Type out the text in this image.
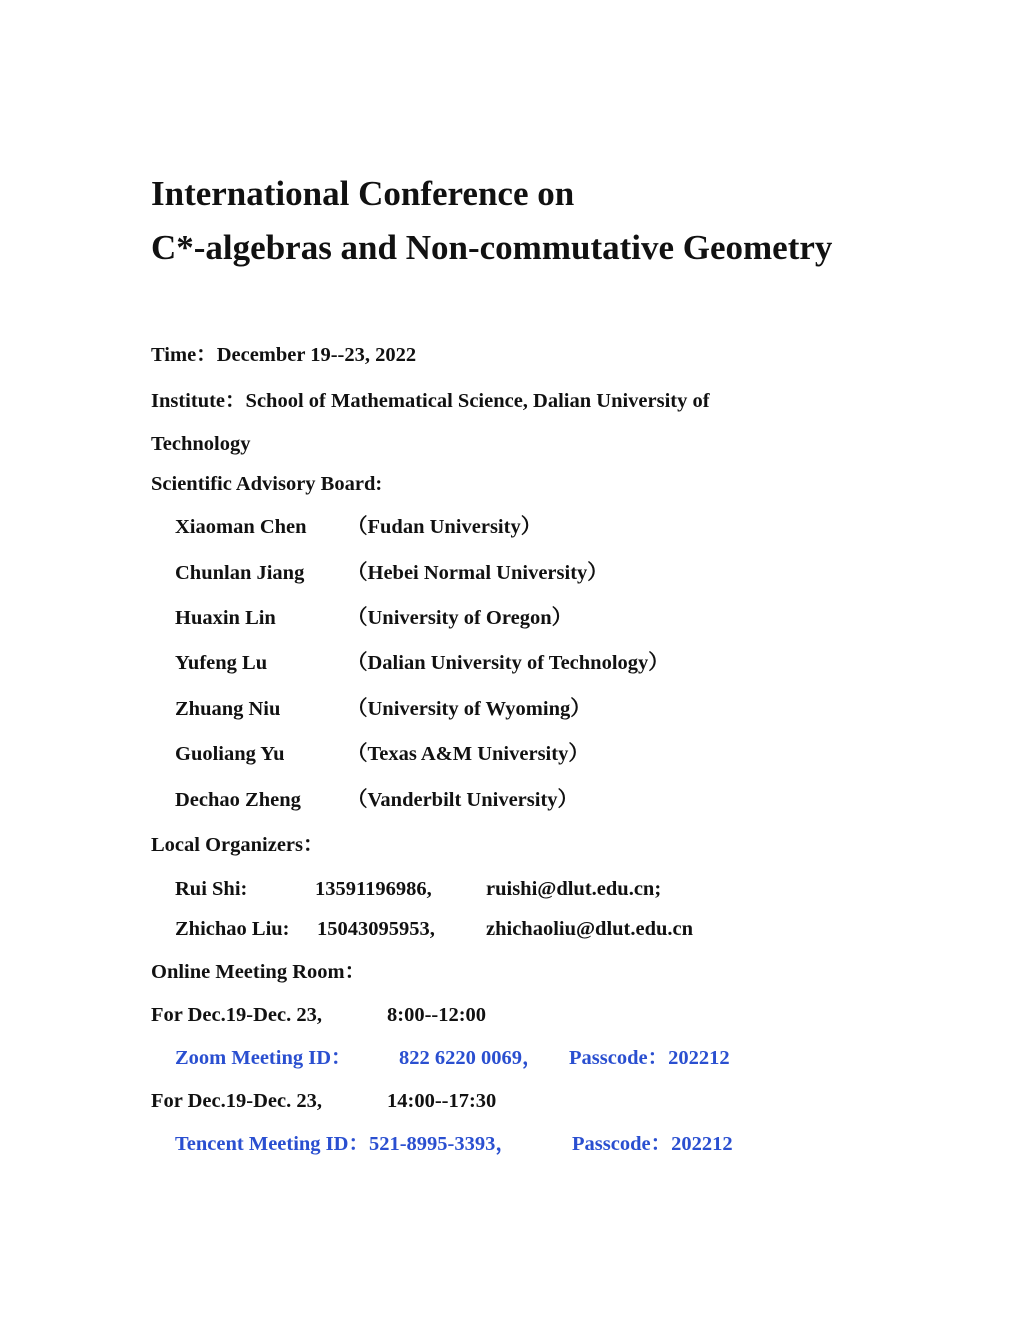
International Conference on
C*-algebras and Non-commutative Geometry
Time：December 19--23, 2022
Institute：School of Mathematical Science, Dalian University of
Technology
Scientific Advisory Board:
Xiaoman Chen （Fudan University）
Chunlan Jiang （Hebei Normal University）
Huaxin Lin	（University of Oregon）
Yufeng Lu	（Dalian University of Technology）
Zhuang Niu	（University of Wyoming）
Guoliang Yu	（Texas A&M University）
Dechao Zheng （Vanderbilt University）
Local Organizers：
Rui Shi:	13591196986,	ruishi@dlut.edu.cn;
Zhichao Liu: 15043095953, zhichaoliu@dlut.edu.cn
Online Meeting Room：
For Dec.19-Dec. 23,	8:00--12:00
Zoom Meeting ID： 822 6220 0069， Passcode：202212
For Dec.19-Dec. 23,	14:00--17:30
Tencent Meeting ID：521-8995-3393，	Passcode：202212
